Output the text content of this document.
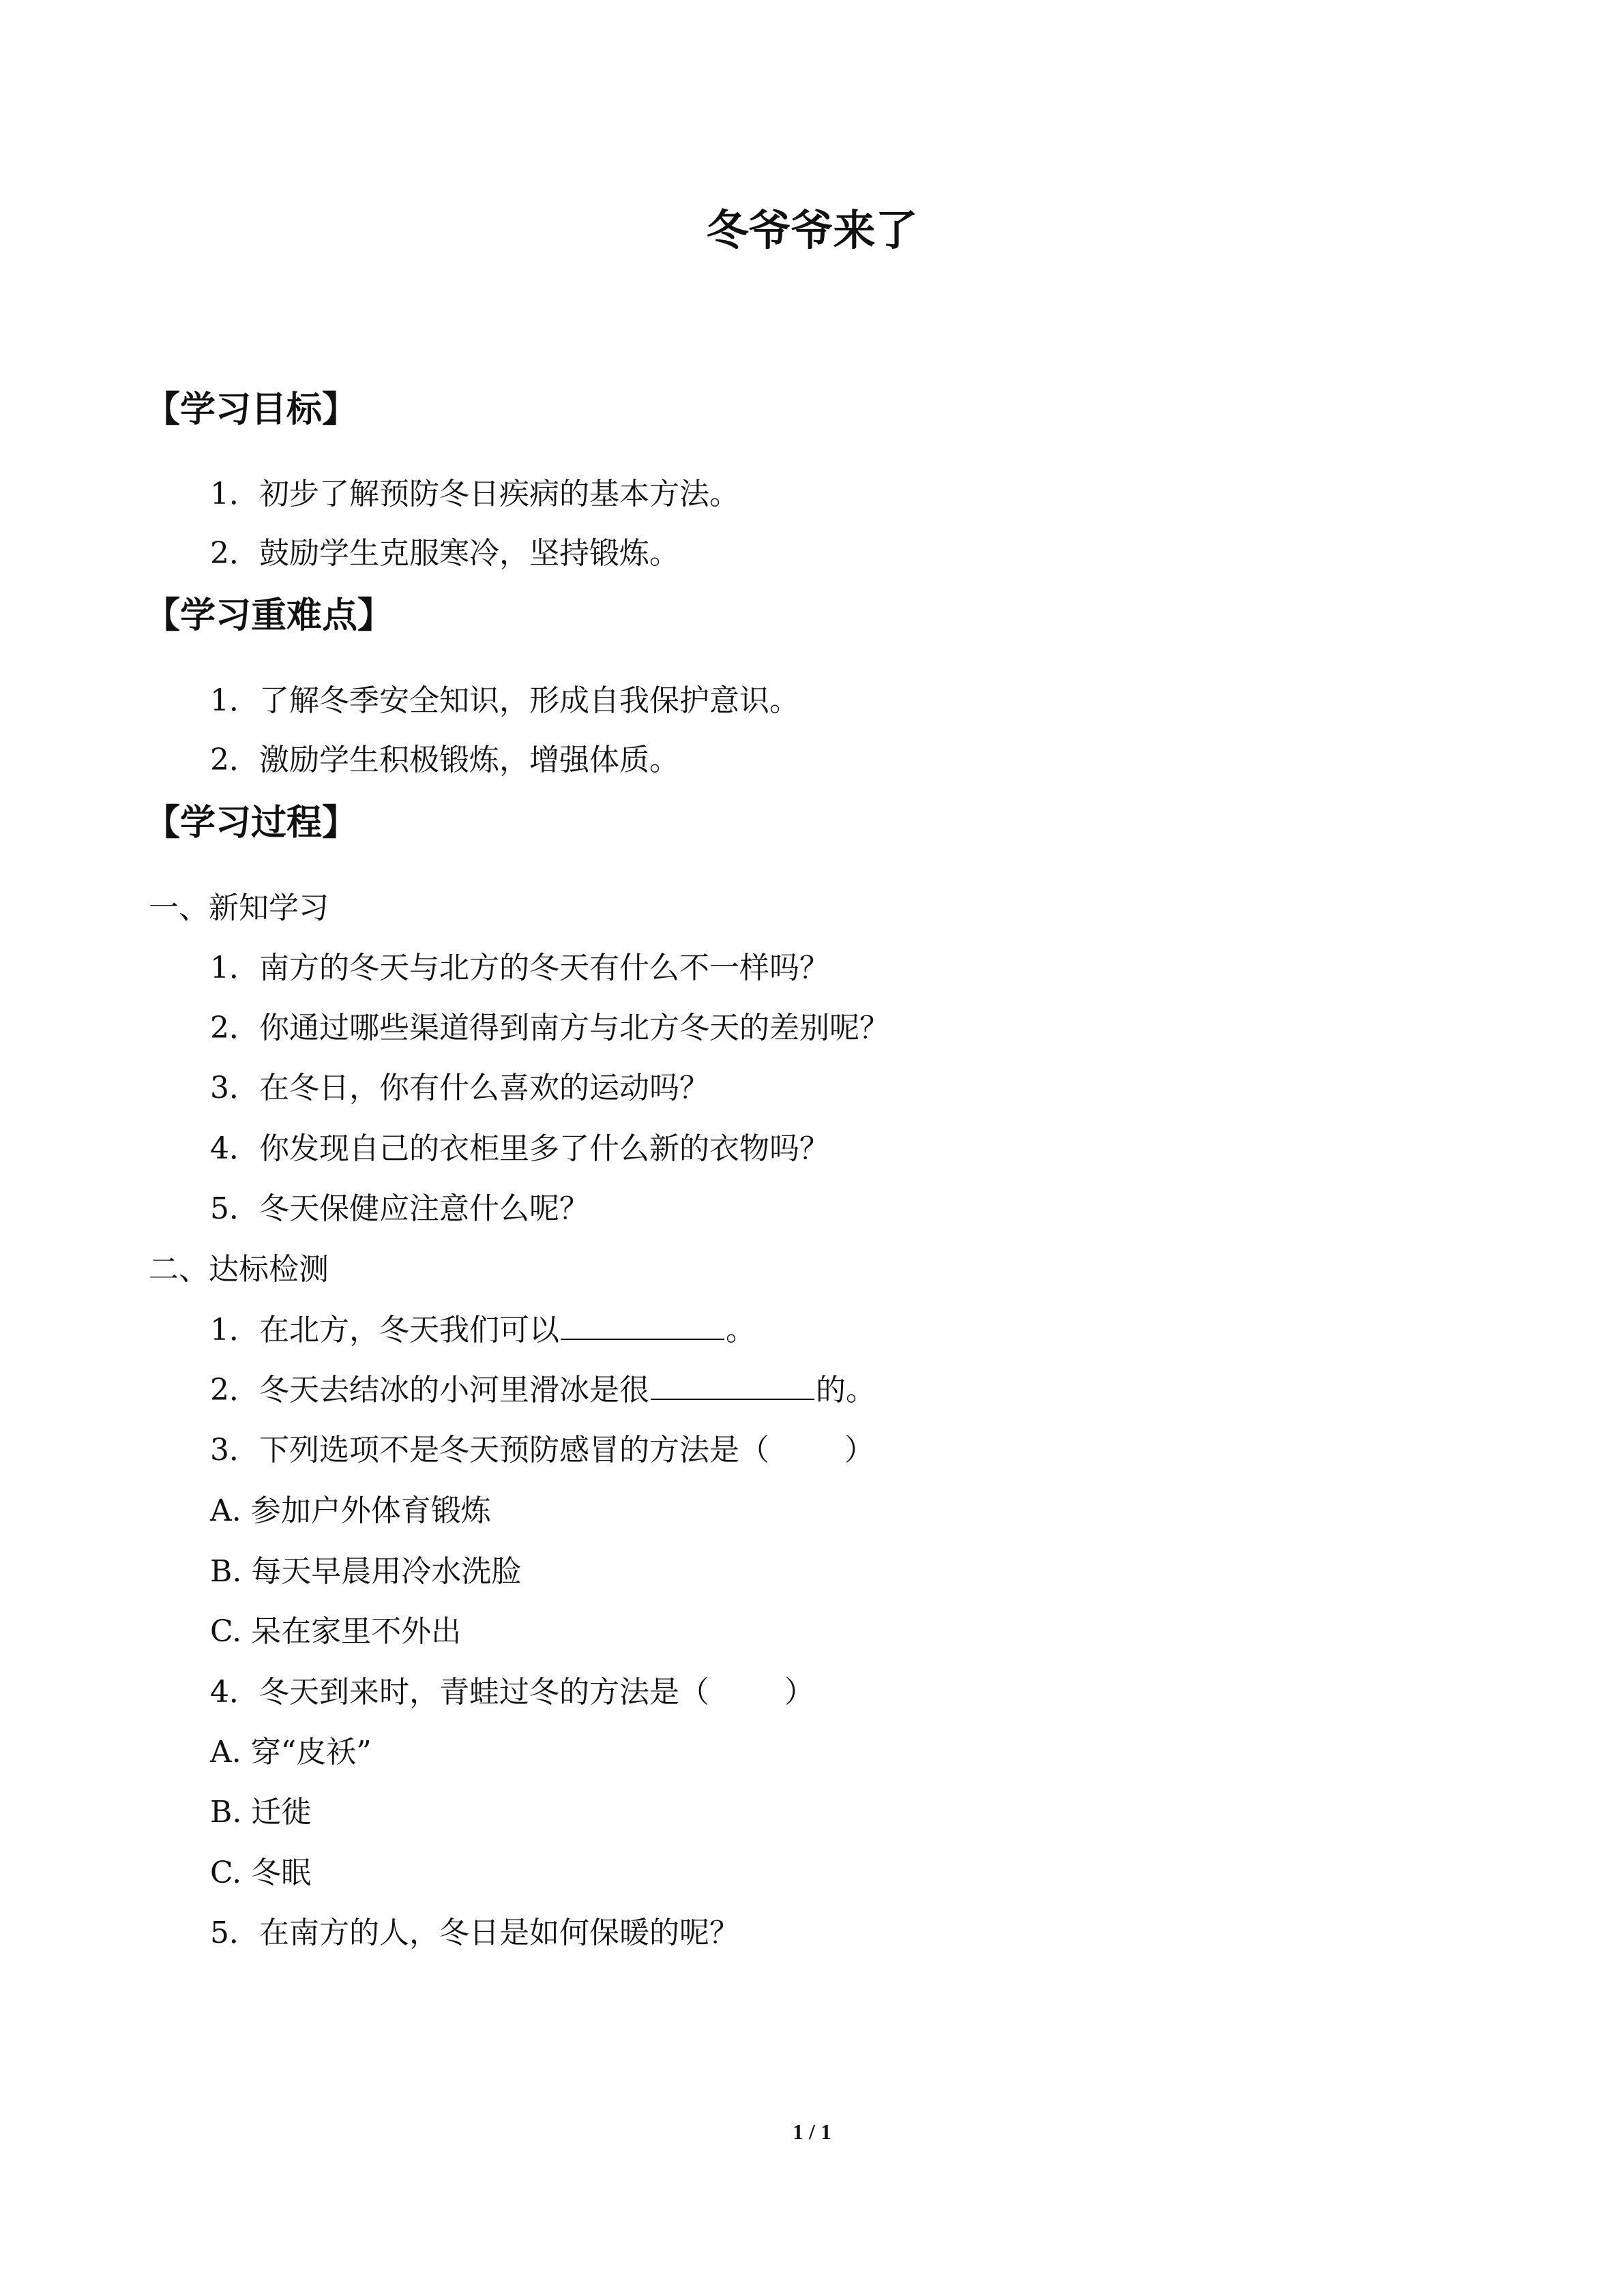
冬爷爷来了
【学习目标】
1．初步了解预防冬日疾病的基本方法。
2．鼓励学生克服寒冷，坚持锻炼。
【学习重难点】
1．了解冬季安全知识，形成自我保护意识。
2．激励学生积极锻炼，增强体质。
【学习过程】
一、新知学习
1．南方的冬天与北方的冬天有什么不一样吗？
2．你通过哪些渠道得到南方与北方冬天的差别呢？
3．在冬日，你有什么喜欢的运动吗？
4．你发现自己的衣柜里多了什么新的衣物吗？
5．冬天保健应注意什么呢？
二、达标检测
1．在北方，冬天我们可以	。
2．冬天去结冰的小河里滑冰是很	的。
3．下列选项不是冬天预防感冒的方法是（	）
A. 参加户外体育锻炼
B. 每天早晨用冷水洗脸
C. 呆在家里不外出
4．冬天到来时，青蛙过冬的方法是（	）
A. 穿“皮袄”
B. 迁徙
C. 冬眠
5．在南方的人，冬日是如何保暖的呢？
1 / 1
